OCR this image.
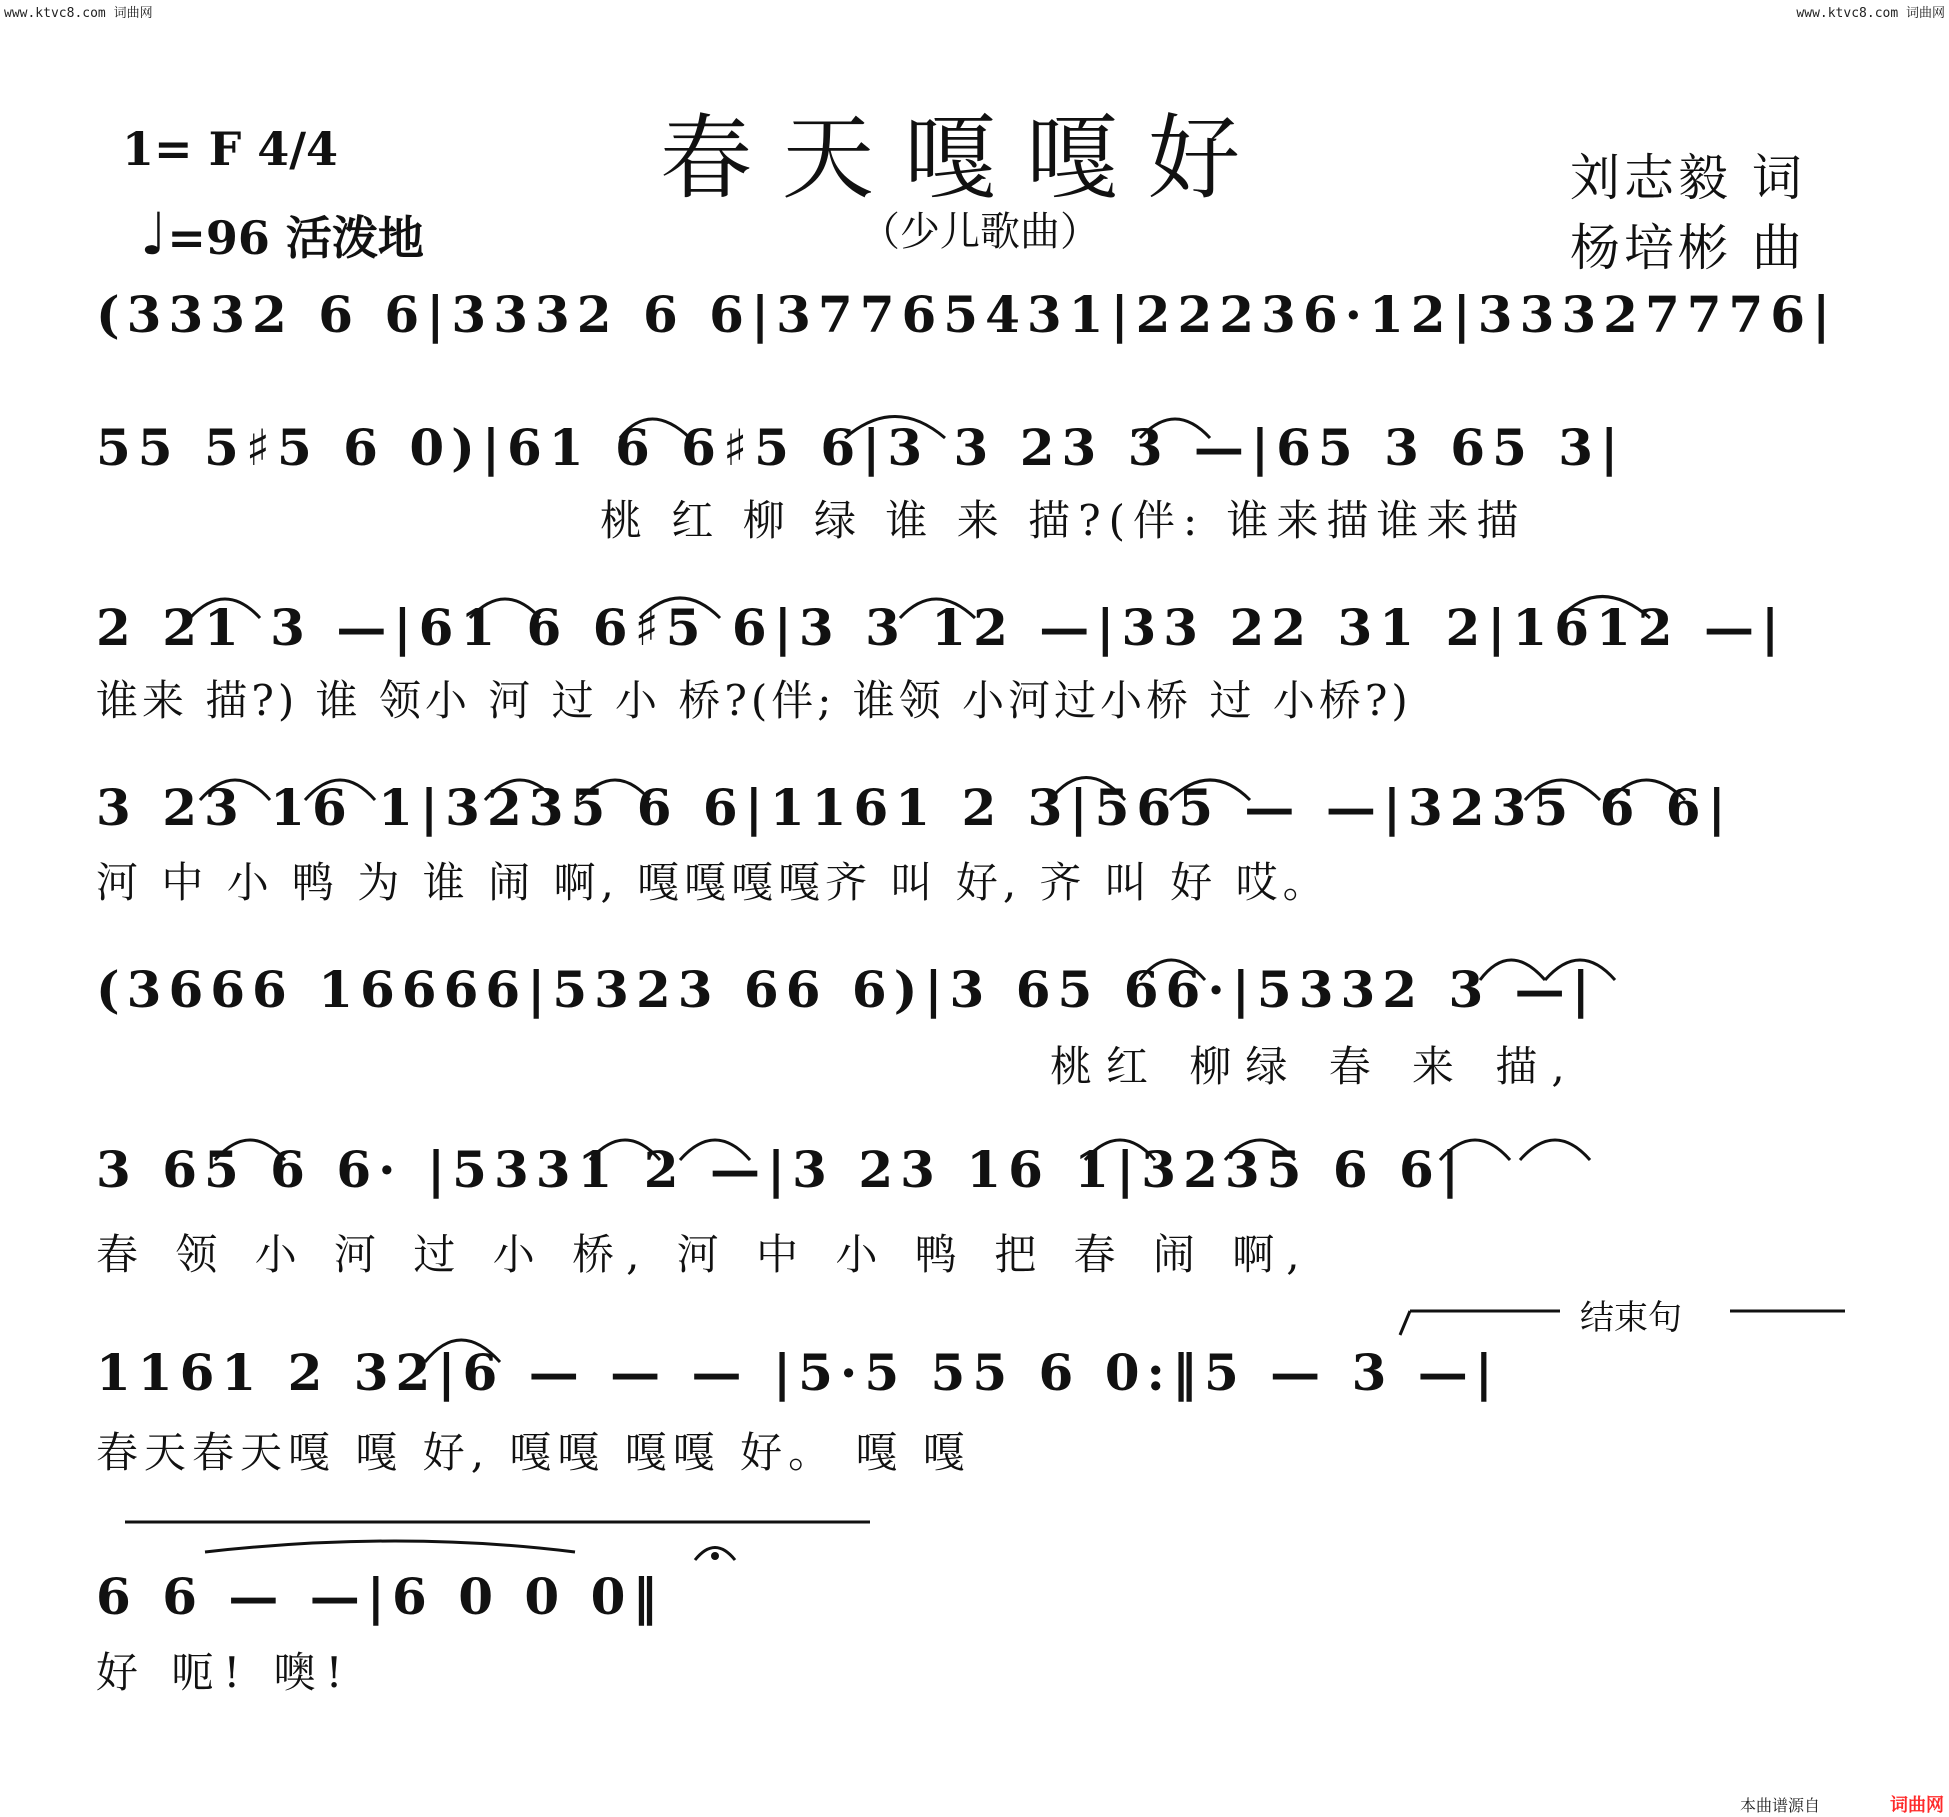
www.ktvc8.com 词曲网	www.ktvc8.com 词曲网
春天嘎嘎好
（少儿歌曲）
1= F 4/4
♩=96 活泼地
刘志毅 词
杨培彬 曲
(3332 6 6|3332 6 6|37765431|22236·12|33327776|
55 5♯5 6 0)|61 6 6♯5 6|3 3 23 3 —|65 3 65 3|
桃 红 柳 绿 谁 来 描?(伴: 谁来描谁来描
2 21 3 —|61 6 6♯5 6|3 3 12 —|33 22 31 2|1612 —|
谁来 描?) 谁 领小 河 过 小 桥?(伴; 谁领 小河过小桥 过 小桥?)
3 23 16 1|3235 6 6|1161 2 3|565 — —|3235 6 6|
河 中 小 鸭 为 谁 闹 啊, 嘎嘎嘎嘎齐 叫 好, 齐 叫 好 哎。
(3666 16666|5323 66 6)|3 65 66·|5332 3 —|
桃红 柳绿 春 来 描,
3 65 6 6· |5331 2 —|3 23 16 1|3235 6 6|
春 领 小 河 过 小 桥, 河 中 小 鸭 把 春 闹 啊,
结束句
1161 2 32|6 — — — |5·5 55 6 0:‖5 — 3 —|
春天春天嘎 嘎 好, 嘎嘎 嘎嘎 好。 嘎 嘎
6 6 — —|6 0 0 0‖
好 呃! 噢!
本曲谱源自	词曲网
